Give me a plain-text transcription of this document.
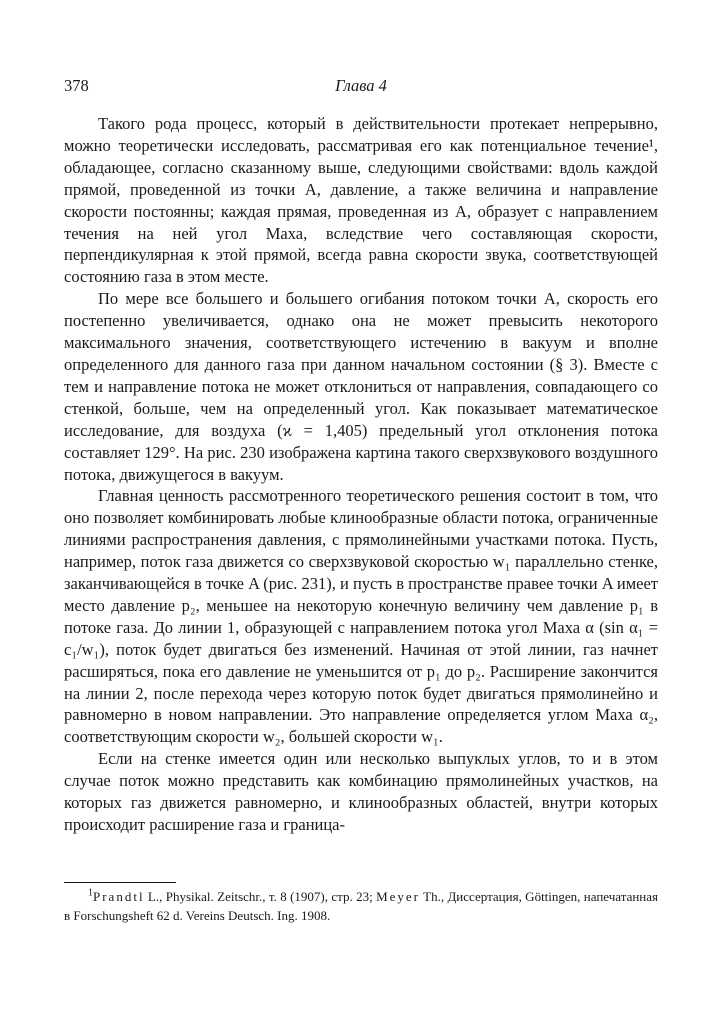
378	Глава 4

Такого рода процесс, который в действительности протекает непрерывно, можно теоретически исследовать, рассматривая его как потенциальное течение¹, обладающее, согласно сказанному выше, следующими свойствами: вдоль каждой прямой, проведенной из точки A, давление, а также величина и направление скорости постоянны; каждая прямая, проведенная из A, образует с направлением течения на ней угол Маха, вследствие чего составляющая скорости, перпендикулярная к этой прямой, всегда равна скорости звука, соответствующей состоянию газа в этом месте.

По мере все большего и большего огибания потоком точки A, скорость его постепенно увеличивается, однако она не может превысить некоторого максимального значения, соответствующего истечению в вакуум и вполне определенного для данного газа при данном начальном состоянии (§ 3). Вместе с тем и направление потока не может отклониться от направления, совпадающего со стенкой, больше, чем на определенный угол. Как показывает математическое исследование, для воздуха (ϰ = 1,405) предельный угол отклонения потока составляет 129°. На рис. 230 изображена картина такого сверхзвукового воздушного потока, движущегося в вакуум.

Главная ценность рассмотренного теоретического решения состоит в том, что оно позволяет комбинировать любые клинообразные области потока, ограниченные линиями распространения давления, с прямолинейными участками потока. Пусть, например, поток газа движется со сверхзвуковой скоростью w₁ параллельно стенке, заканчивающейся в точке A (рис. 231), и пусть в пространстве правее точки A имеет место давление p₂, меньшее на некоторую конечную величину чем давление p₁ в потоке газа. До линии 1, образующей с направлением потока угол Маха α (sin α₁ = c₁/w₁), поток будет двигаться без изменений. Начиная от этой линии, газ начнет расширяться, пока его давление не уменьшится от p₁ до p₂. Расширение закончится на линии 2, после перехода через которую поток будет двигаться прямолинейно и равномерно в новом направлении. Это направление определяется углом Маха α₂, соответствующим скорости w₂, большей скорости w₁.

Если на стенке имеется один или несколько выпуклых углов, то и в этом случае поток можно представить как комбинацию прямолинейных участков, на которых газ движется равномерно, и клинообразных областей, внутри которых происходит расширение газа и граница-

$^1$Prandtl L., Physikal. Zeitschr., т. 8 (1907), стр. 23; Meyer Th., Диссертация, Göttingen, напечатанная в Forschungsheft 62 d. Vereins Deutsch. Ing. 1908.
